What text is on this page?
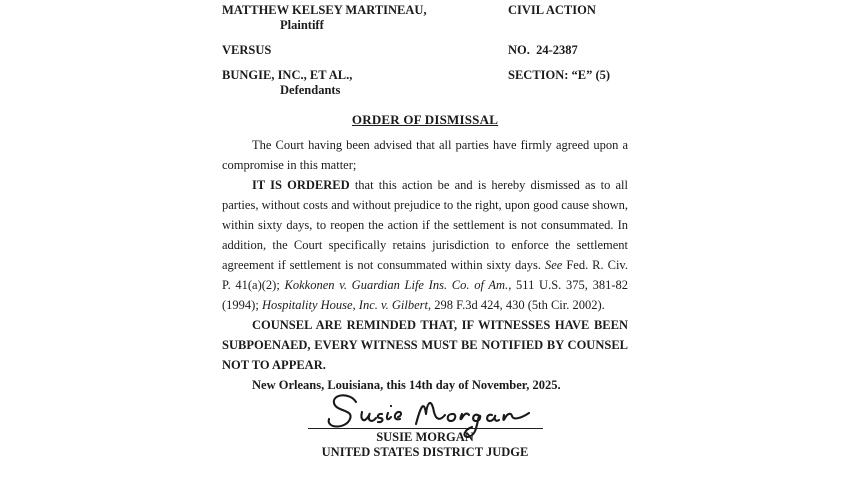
MATTHEW KELSEY MARTINEAU,
Plaintiff
CIVIL ACTION
VERSUS	NO.  24-2387
BUNGIE, INC., ET AL.,
Defendants
SECTION: “E” (5)
ORDER OF DISMISSAL

The Court having been advised that all parties have firmly agreed upon a compromise in this matter;

IT IS ORDERED that this action be and is hereby dismissed as to all parties, without costs and without prejudice to the right, upon good cause shown, within sixty days, to reopen the action if the settlement is not consummated. In addition, the Court specifically retains jurisdiction to enforce the settlement agreement if settlement is not consummated within sixty days. See Fed. R. Civ. P. 41(a)(2); Kokkonen v. Guardian Life Ins. Co. of Am., 511 U.S. 375, 381-82 (1994); Hospitality House, Inc. v. Gilbert, 298 F.3d 424, 430 (5th Cir. 2002).

COUNSEL ARE REMINDED THAT, IF WITNESSES HAVE BEEN SUBPOENAED, EVERY WITNESS MUST BE NOTIFIED BY COUNSEL NOT TO APPEAR.

New Orleans, Louisiana, this 14th day of November, 2025.

SUSIE MORGAN
UNITED STATES DISTRICT JUDGE
